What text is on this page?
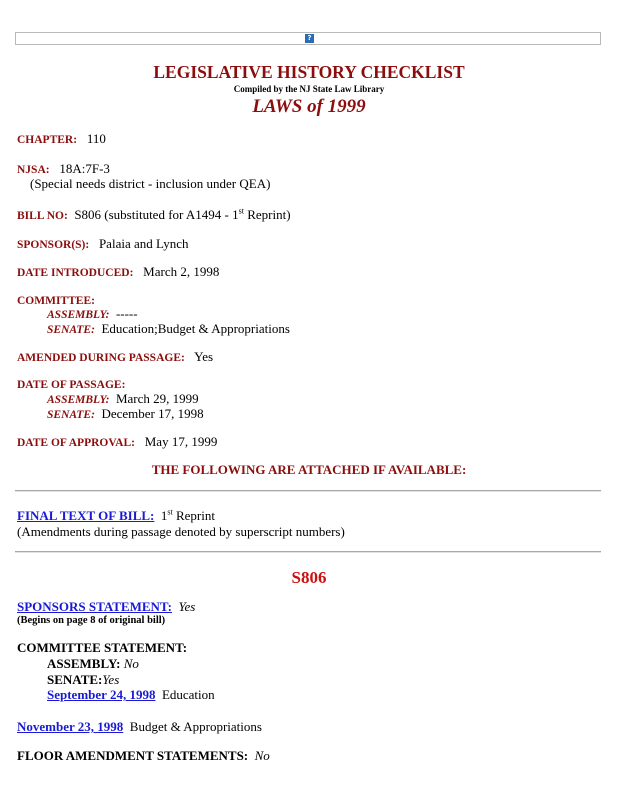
?
LEGISLATIVE HISTORY CHECKLIST
Compiled by the NJ State Law Library
LAWS of 1999
CHAPTER: 110
NJSA: 18A:7F-3
(Special needs district - inclusion under QEA)
BILL NO: S806 (substituted for A1494 - 1st Reprint)
SPONSOR(S): Palaia and Lynch
DATE INTRODUCED: March 2, 1998
COMMITTEE:
ASSEMBLY: -----
SENATE: Education;Budget & Appropriations
AMENDED DURING PASSAGE: Yes
DATE OF PASSAGE:
ASSEMBLY: March 29, 1999
SENATE: December 17, 1998
DATE OF APPROVAL: May 17, 1999
THE FOLLOWING ARE ATTACHED IF AVAILABLE:
FINAL TEXT OF BILL: 1st Reprint
(Amendments during passage denoted by superscript numbers)
S806
SPONSORS STATEMENT: Yes
(Begins on page 8 of original bill)
COMMITTEE STATEMENT:
ASSEMBLY: No
SENATE:Yes
September 24, 1998 Education
November 23, 1998 Budget & Appropriations
FLOOR AMENDMENT STATEMENTS: No
